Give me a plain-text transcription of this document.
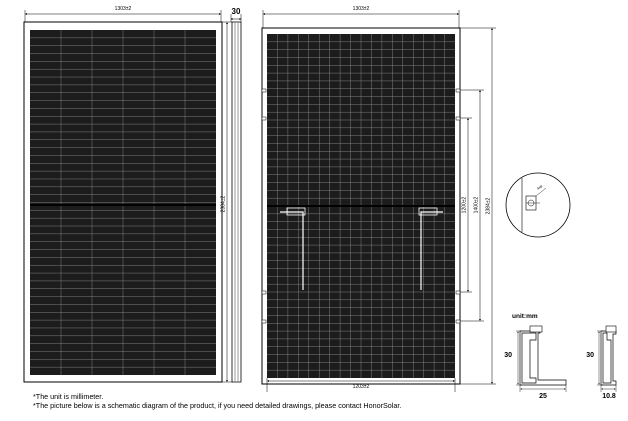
1303±2
2384±2
30	1303±2
1203±2
1200±2 1400±2 2384±2
4x8
unit:mm
30
25
30
10.8
*The unit is millimeter.
*The picture below is a schematic diagram of the product, if you need detailed drawings, please contact HonorSolar.
